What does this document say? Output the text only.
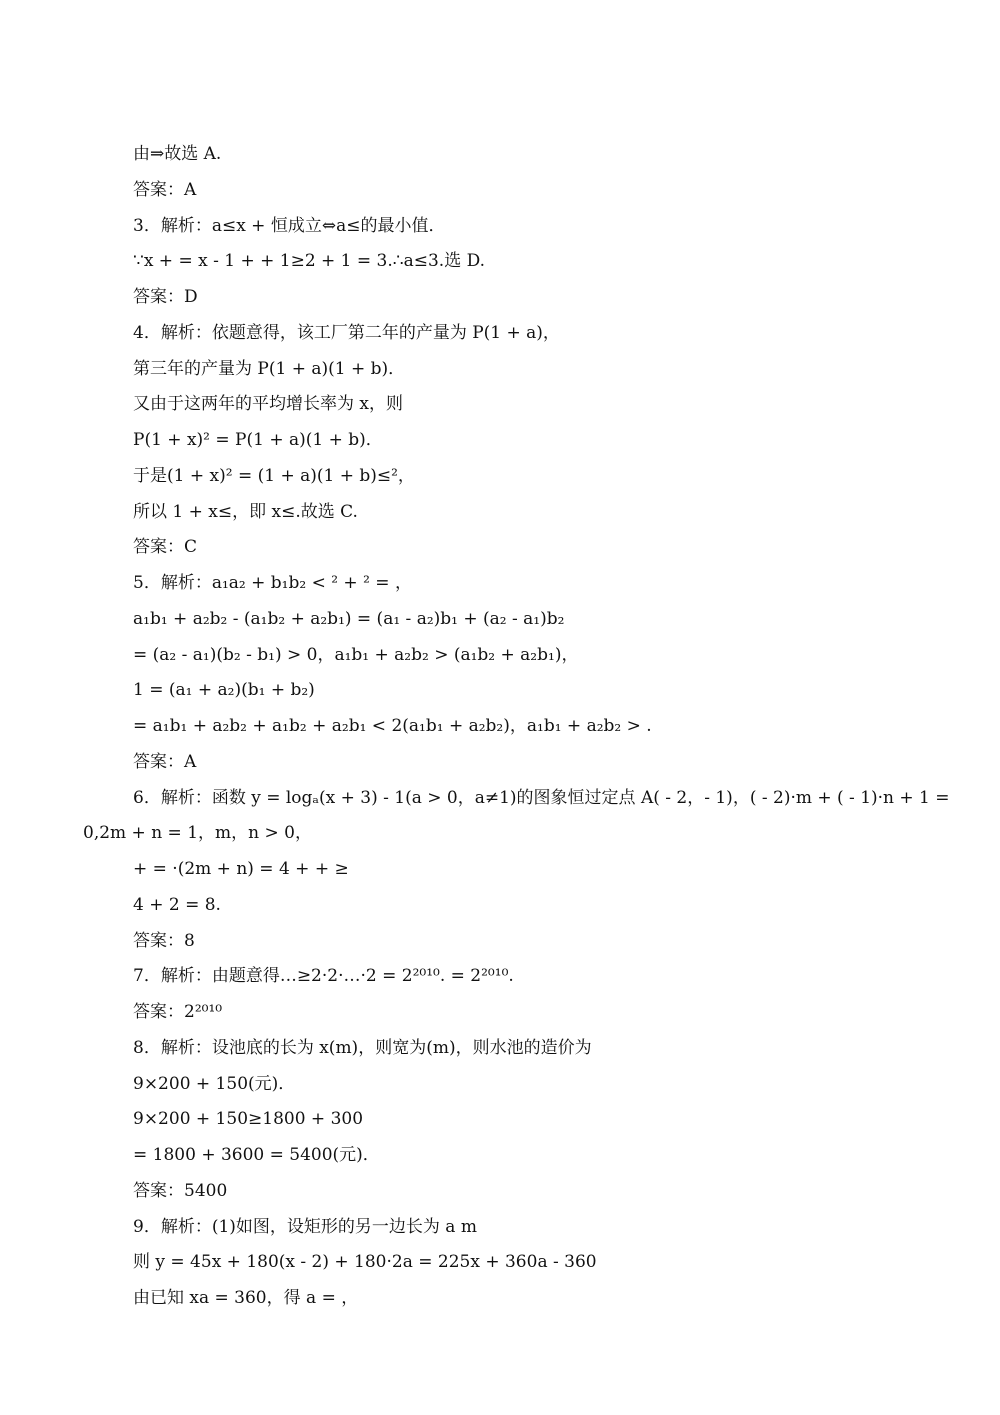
由⇒故选 A.
答案：A
3．解析：a≤x + 恒成立⇔a≤的最小值．
∵x + = x - 1 + + 1≥2 + 1 = 3.∴a≤3.选 D.
答案：D
4．解析：依题意得，该工厂第二年的产量为 P(1 + a)，
第三年的产量为 P(1 + a)(1 + b)．
又由于这两年的平均增长率为 x，则
P(1 + x)² = P(1 + a)(1 + b)．
于是(1 + x)² = (1 + a)(1 + b)≤²，
所以 1 + x≤，即 x≤.故选 C.
答案：C
5．解析：a₁a₂ + b₁b₂ < ² + ² = ，
a₁b₁ + a₂b₂ - (a₁b₂ + a₂b₁) = (a₁ - a₂)b₁ + (a₂ - a₁)b₂
= (a₂ - a₁)(b₂ - b₁) > 0，a₁b₁ + a₂b₂ > (a₁b₂ + a₂b₁)，
1 = (a₁ + a₂)(b₁ + b₂)
= a₁b₁ + a₂b₂ + a₁b₂ + a₂b₁ < 2(a₁b₁ + a₂b₂)，a₁b₁ + a₂b₂ > .
答案：A
6．解析：函数 y = logₐ(x + 3) - 1(a > 0，a≠1)的图象恒过定点 A( - 2，- 1)，( - 2)·m + ( - 1)·n + 1 =
0,2m + n = 1，m，n > 0，
+ = ·(2m + n) = 4 + + ≥
4 + 2 = 8.
答案：8
7．解析：由题意得…≥2·2·…·2 = 2²⁰¹⁰. = 2²⁰¹⁰.
答案：2²⁰¹⁰
8．解析：设池底的长为 x(m)，则宽为(m)，则水池的造价为
9×200 + 150(元)．
9×200 + 150≥1800 + 300
= 1800 + 3600 = 5400(元)．
答案：5400
9．解析：(1)如图，设矩形的另一边长为 a m
则 y = 45x + 180(x - 2) + 180·2a = 225x + 360a - 360
由已知 xa = 360，得 a = ，
